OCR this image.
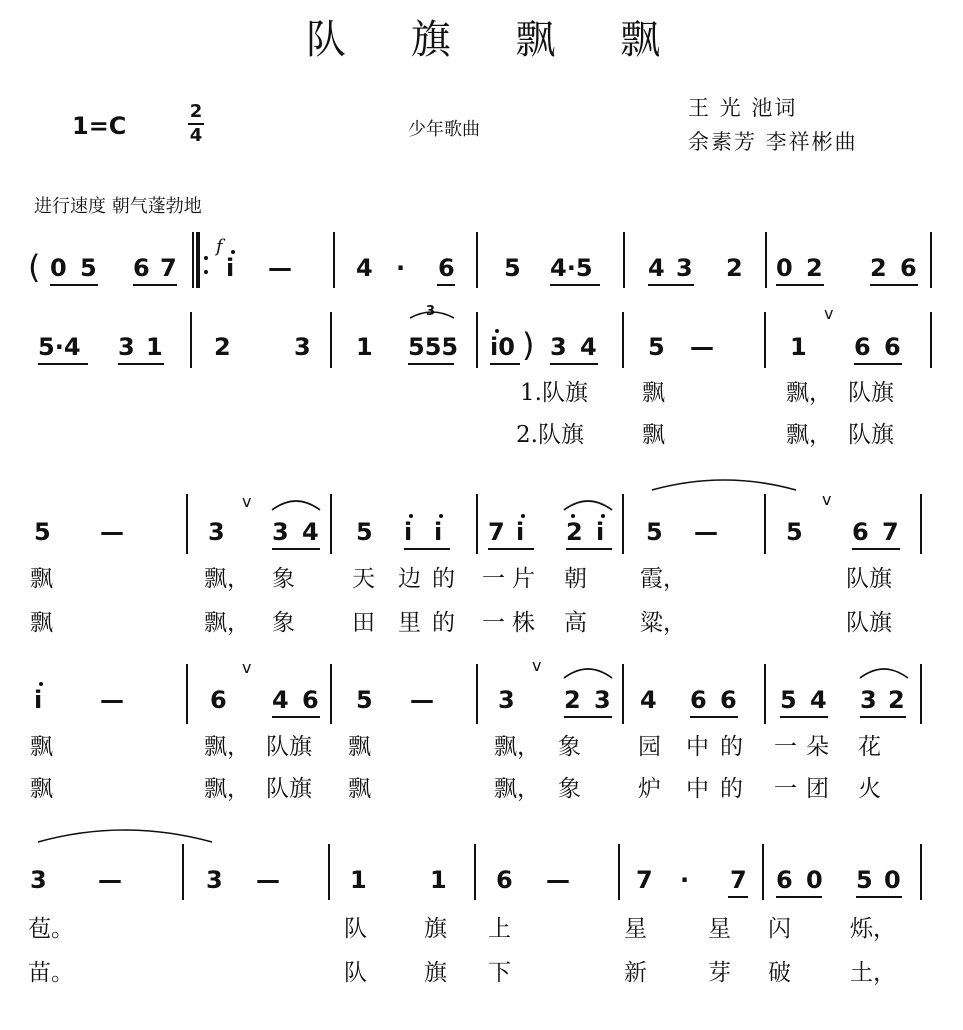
队 旗 飘 飘
1=C
2
4	少年歌曲
王 光 池词
余素芳 李祥彬曲
进行速度 朝气蓬勃地
( 0 5 6 7
f
i —	4 · 6 5 4·5 4 3 2 0 2 2 6
5·4 3 1 2	3 1
3
555 i0 ) 3 4 5 —	1
v
6 6
1.队旗 飘	飘， 队旗
2.队旗	飘	飘， 队旗
5 —	3
v
3 4 5 i i 7 i 2 i 5 —	5
v
6 7
飘	飘， 象 天 边 的 一 片 朝 霞，	队旗
飘	飘， 象 田 里 的 一 株 高 粱，	队旗
i —	6
v
4 6 5 —	3
v
2 3 4 6 6 5 4 3 2
飘	飘， 队旗 飘	飘， 象 园 中 的 一 朵 花
飘	飘， 队旗 飘	飘， 象 炉 中 的 一 团 火
3 —	3 —	1	1 6 —	7 · 7 6 0 5 0
苞。	队 旗 上	星	星 闪	烁，
苗。	队 旗 下	新	芽 破	土，
